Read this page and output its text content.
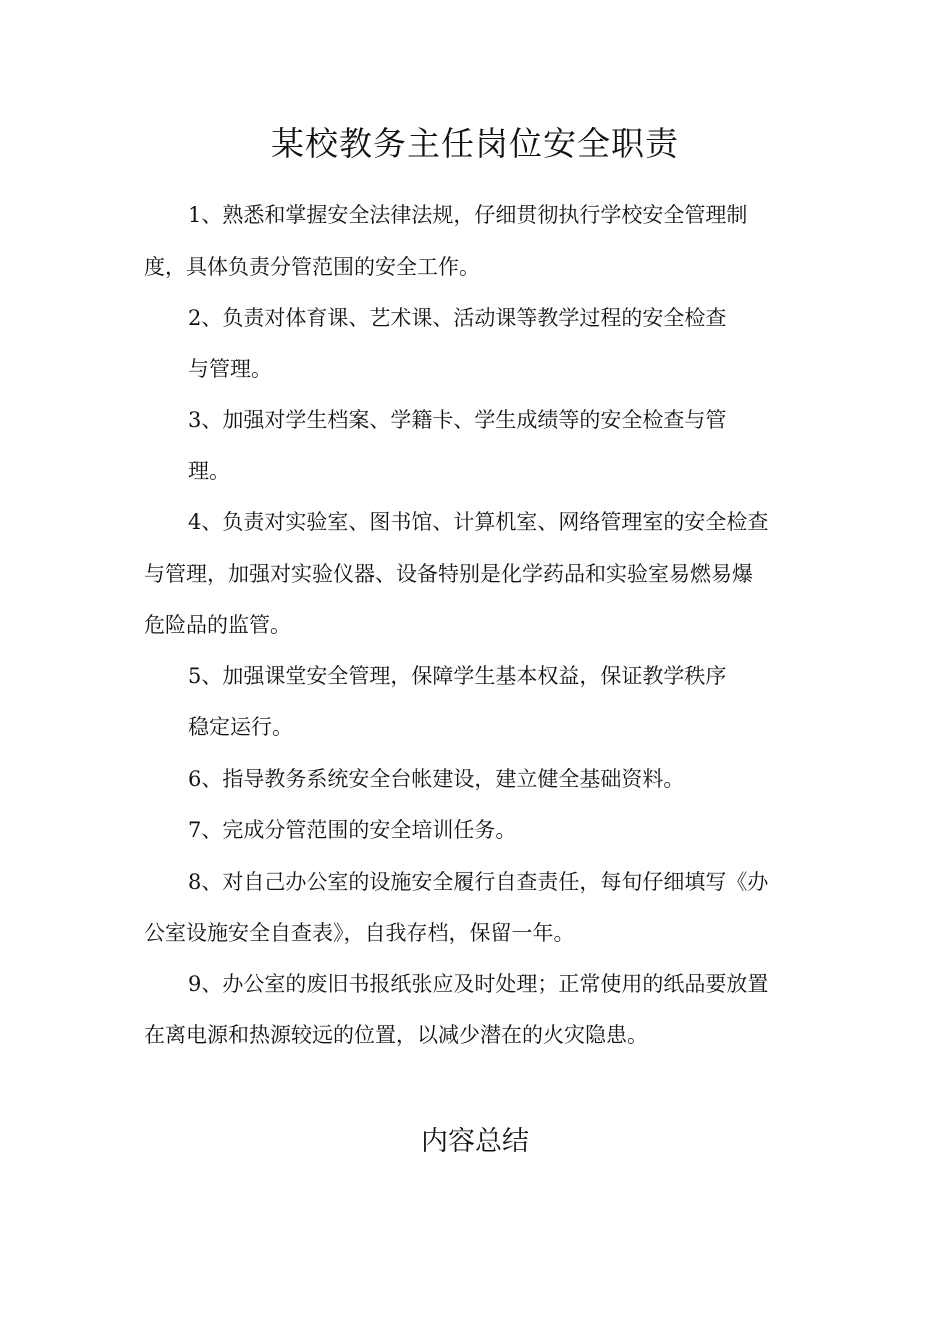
某校教务主任岗位安全职责

1、熟悉和掌握安全法律法规，仔细贯彻执行学校安全管理制

度，具体负责分管范围的安全工作。

2、负责对体育课、艺术课、活动课等教学过程的安全检查

与管理。

3、加强对学生档案、学籍卡、学生成绩等的安全检查与管

理。

4、负责对实验室、图书馆、计算机室、网络管理室的安全检查

与管理，加强对实验仪器、设备特别是化学药品和实验室易燃易爆

危险品的监管。

5、加强课堂安全管理，保障学生基本权益，保证教学秩序

稳定运行。

6、指导教务系统安全台帐建设，建立健全基础资料。

7、完成分管范围的安全培训任务。

8、对自己办公室的设施安全履行自查责任，每旬仔细填写《办

公室设施安全自查表》，自我存档，保留一年。

9、办公室的废旧书报纸张应及时处理；正常使用的纸品要放置

在离电源和热源较远的位置，以减少潜在的火灾隐患。

内容总结
